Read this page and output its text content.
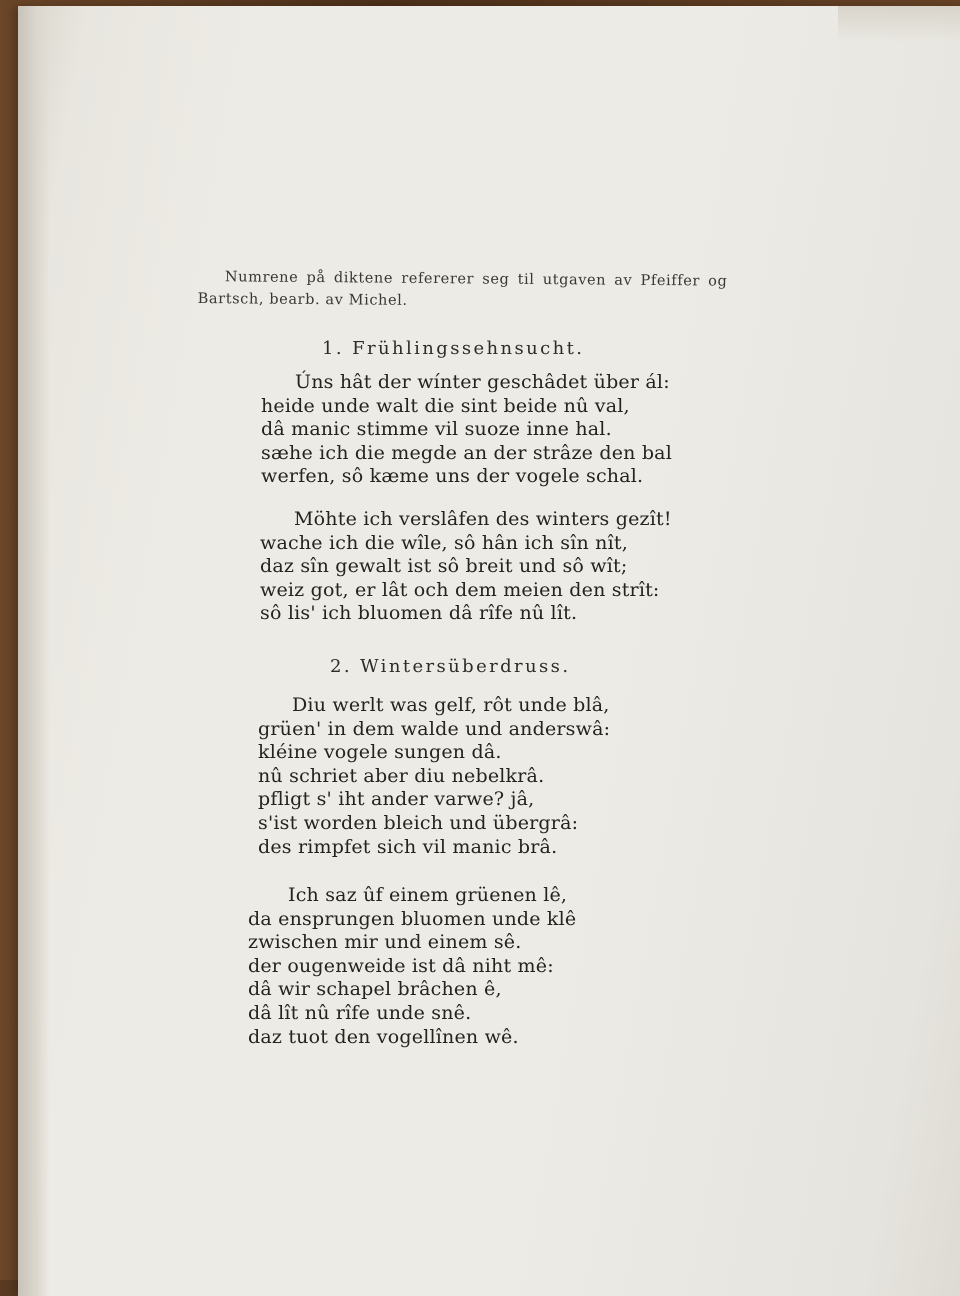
Numrene på diktene refererer seg til utgaven av Pfeiffer og
Bartsch, bearb. av Michel.
1. Frühlingssehnsucht.
Úns hât der wínter geschâdet über ál:
heide unde walt die sint beide nû val,
dâ manic stimme vil suoze inne hal.
sæhe ich die megde an der strâze den bal
werfen, sô kæme uns der vogele schal.
Möhte ich verslâfen des winters gezît!
wache ich die wîle, sô hân ich sîn nît,
daz sîn gewalt ist sô breit und sô wît;
weiz got, er lât och dem meien den strît:
sô lis' ich bluomen dâ rîfe nû lît.
2. Wintersüberdruss.
Diu werlt was gelf, rôt unde blâ,
grüen' in dem walde und anderswâ:
kléine vogele sungen dâ.
nû schriet aber diu nebelkrâ.
pfligt s' iht ander varwe? jâ,
s'ist worden bleich und übergrâ:
des rimpfet sich vil manic brâ.
Ich saz ûf einem grüenen lê,
da ensprungen bluomen unde klê
zwischen mir und einem sê.
der ougenweide ist dâ niht mê:
dâ wir schapel brâchen ê,
dâ lît nû rîfe unde snê.
daz tuot den vogellînen wê.
